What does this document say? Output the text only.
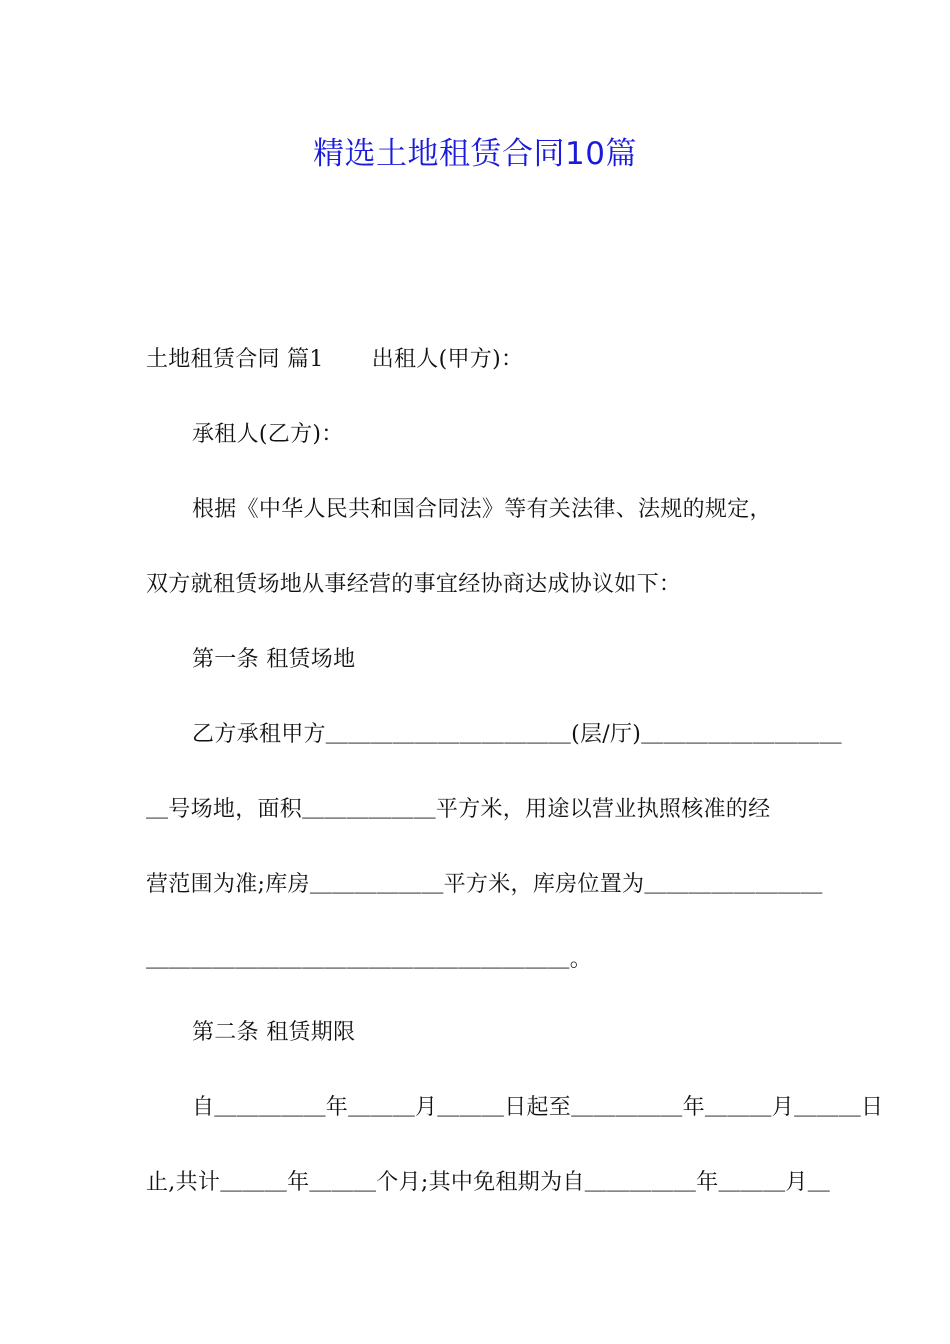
精选土地租赁合同10篇
土地租赁合同 篇1 出租人(甲方)：
承租人(乙方)：
根据《中华人民共和国合同法》等有关法律、法规的规定，
双方就租赁场地从事经营的事宜经协商达成协议如下：
第一条 租赁场地
乙方承租甲方＿＿＿＿＿＿＿＿＿＿＿(层/厅)＿＿＿＿＿＿＿＿＿
＿号场地，面积＿＿＿＿＿＿平方米，用途以营业执照核准的经
营范围为准;库房＿＿＿＿＿＿平方米，库房位置为＿＿＿＿＿＿＿＿
＿＿＿＿＿＿＿＿＿＿＿＿＿＿＿＿＿＿＿。
第二条 租赁期限
自＿＿＿＿＿年＿＿＿月＿＿＿日起至＿＿＿＿＿年＿＿＿月＿＿＿日
止,共计＿＿＿年＿＿＿个月;其中免租期为自＿＿＿＿＿年＿＿＿月＿
